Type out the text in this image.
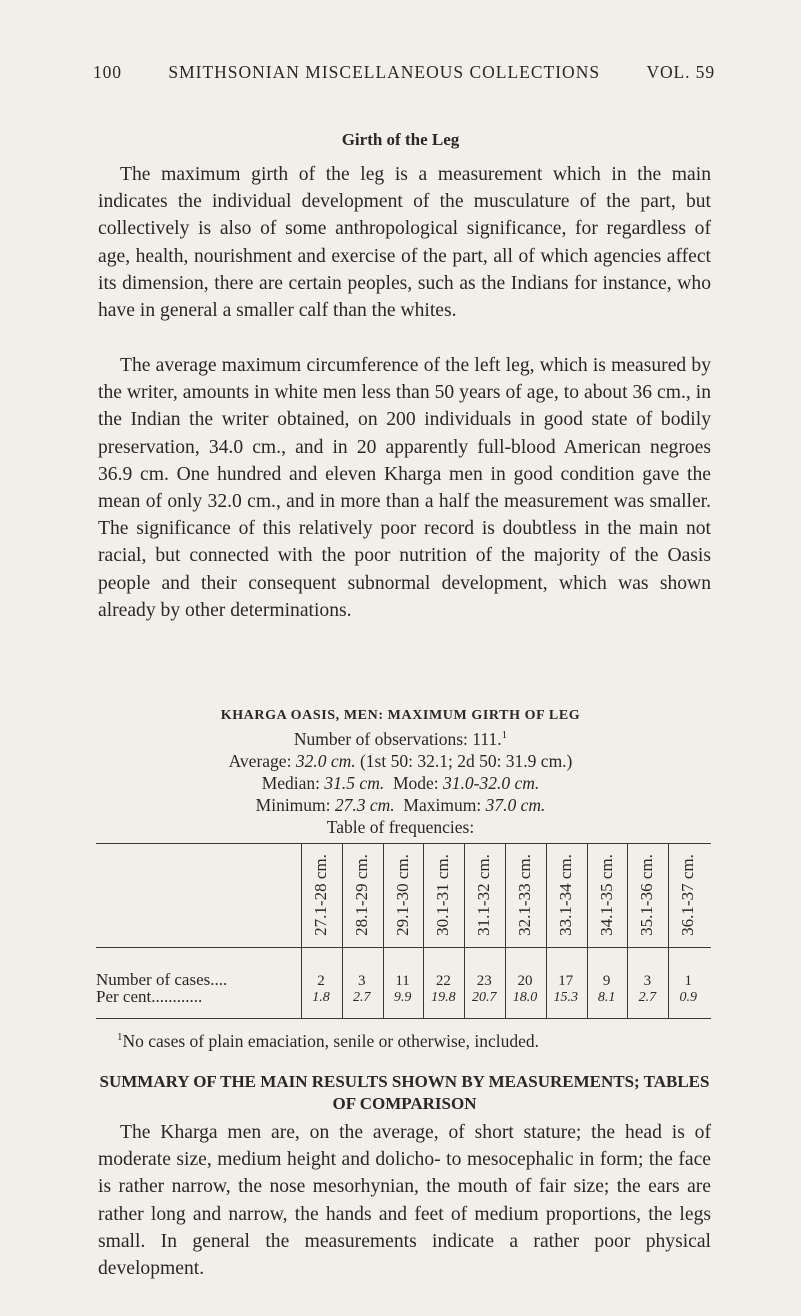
100	SMITHSONIAN MISCELLANEOUS COLLECTIONS	VOL. 59
Girth of the Leg

The maximum girth of the leg is a measurement which in the main indicates the individual development of the musculature of the part, but collectively is also of some anthropological significance, for regardless of age, health, nourishment and exercise of the part, all of which agencies affect its dimension, there are certain peoples, such as the Indians for instance, who have in general a smaller calf than the whites.

The average maximum circumference of the left leg, which is measured by the writer, amounts in white men less than 50 years of age, to about 36 cm., in the Indian the writer obtained, on 200 individuals in good state of bodily preservation, 34.0 cm., and in 20 apparently full-blood American negroes 36.9 cm. One hundred and eleven Kharga men in good condition gave the mean of only 32.0 cm., and in more than a half the measurement was smaller. The significance of this relatively poor record is doubtless in the main not racial, but connected with the poor nutrition of the majority of the Oasis people and their consequent subnormal development, which was shown already by other determinations.

KHARGA OASIS, MEN: MAXIMUM GIRTH OF LEG
Number of observations: 111.$^1$
Average: 32.0 cm. (1st 50: 32.1; 2d 50: 31.9 cm.)
Median: 31.5 cm. Mode: 31.0-32.0 cm.
Minimum: 27.3 cm. Maximum: 37.0 cm.
Table of frequencies:
27.1-28 cm. 28.1-29 cm. 29.1-30 cm. 30.1-31 cm. 31.1-32 cm. 32.1-33 cm. 33.1-34 cm. 34.1-35 cm. 35.1-36 cm. 36.1-37 cm.
Number of cases....	2	3	11	22	23	20	17	9	3	1
Per cent............	1.8	2.7	9.9	19.8	20.7	18.0	15.3	8.1	2.7	0.9
$^1$No cases of plain emaciation, senile or otherwise, included.
SUMMARY OF THE MAIN RESULTS SHOWN BY MEASUREMENTS; TABLES OF COMPARISON

The Kharga men are, on the average, of short stature; the head is of moderate size, medium height and dolicho- to mesocephalic in form; the face is rather narrow, the nose mesorhynian, the mouth of fair size; the ears are rather long and narrow, the hands and feet of medium proportions, the legs small. In general the measurements indicate a rather poor physical development.
